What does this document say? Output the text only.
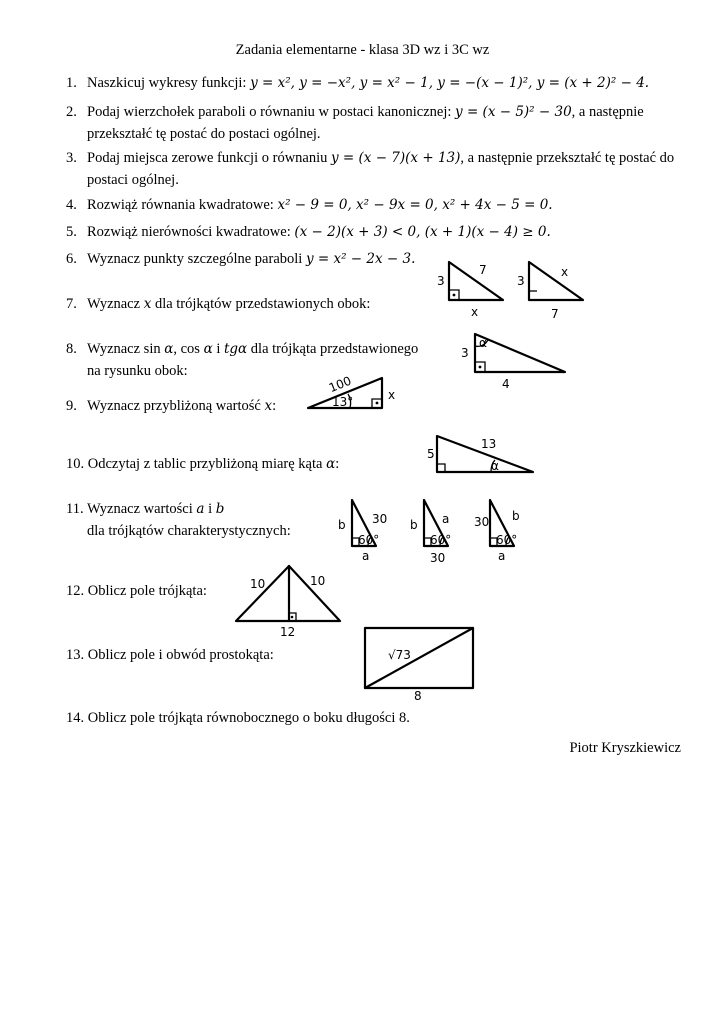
Zadania elementarne - klasa 3D wz i 3C wz
1. Naszkicuj wykresy funkcji: y = x², y = −x², y = x² − 1, y = −(x − 1)², y = (x + 2)² − 4.
2. Podaj wierzchołek paraboli o równaniu w postaci kanonicznej: y = (x − 5)² − 30, a następnie przekształć tę postać do postaci ogólnej.
3. Podaj miejsca zerowe funkcji o równaniu y = (x − 7)(x + 13), a następnie przekształć tę postać do postaci ogólnej.
4. Rozwiąż równania kwadratowe: x² − 9 = 0, x² − 9x = 0, x² + 4x − 5 = 0.
5. Rozwiąż nierówności kwadratowe: (x − 2)(x + 3) < 0, (x + 1)(x − 4) ≥ 0.
6. Wyznacz punkty szczególne paraboli y = x² − 2x − 3.
7. Wyznacz x dla trójkątów przedstawionych obok:
8. Wyznacz sin α, cos α i tgα dla trójkąta przedstawionego na rysunku obok:
9. Wyznacz przybliżoną wartość x:
10. Odczytaj z tablic przybliżoną miarę kąta α:
11. Wyznacz wartości a i b
dla trójkątów charakterystycznych:
12. Oblicz pole trójkąta:
13. Oblicz pole i obwód prostokąta:
14. Oblicz pole trójkąta równobocznego o boku długości 8.
3
7
x
3
x
7
α
3
4
100
13°	x
α
5
13
60°
b 30
a
60°
b a
30
60°
30 b
a
10	10
12
√73
8
Piotr Kryszkiewicz
